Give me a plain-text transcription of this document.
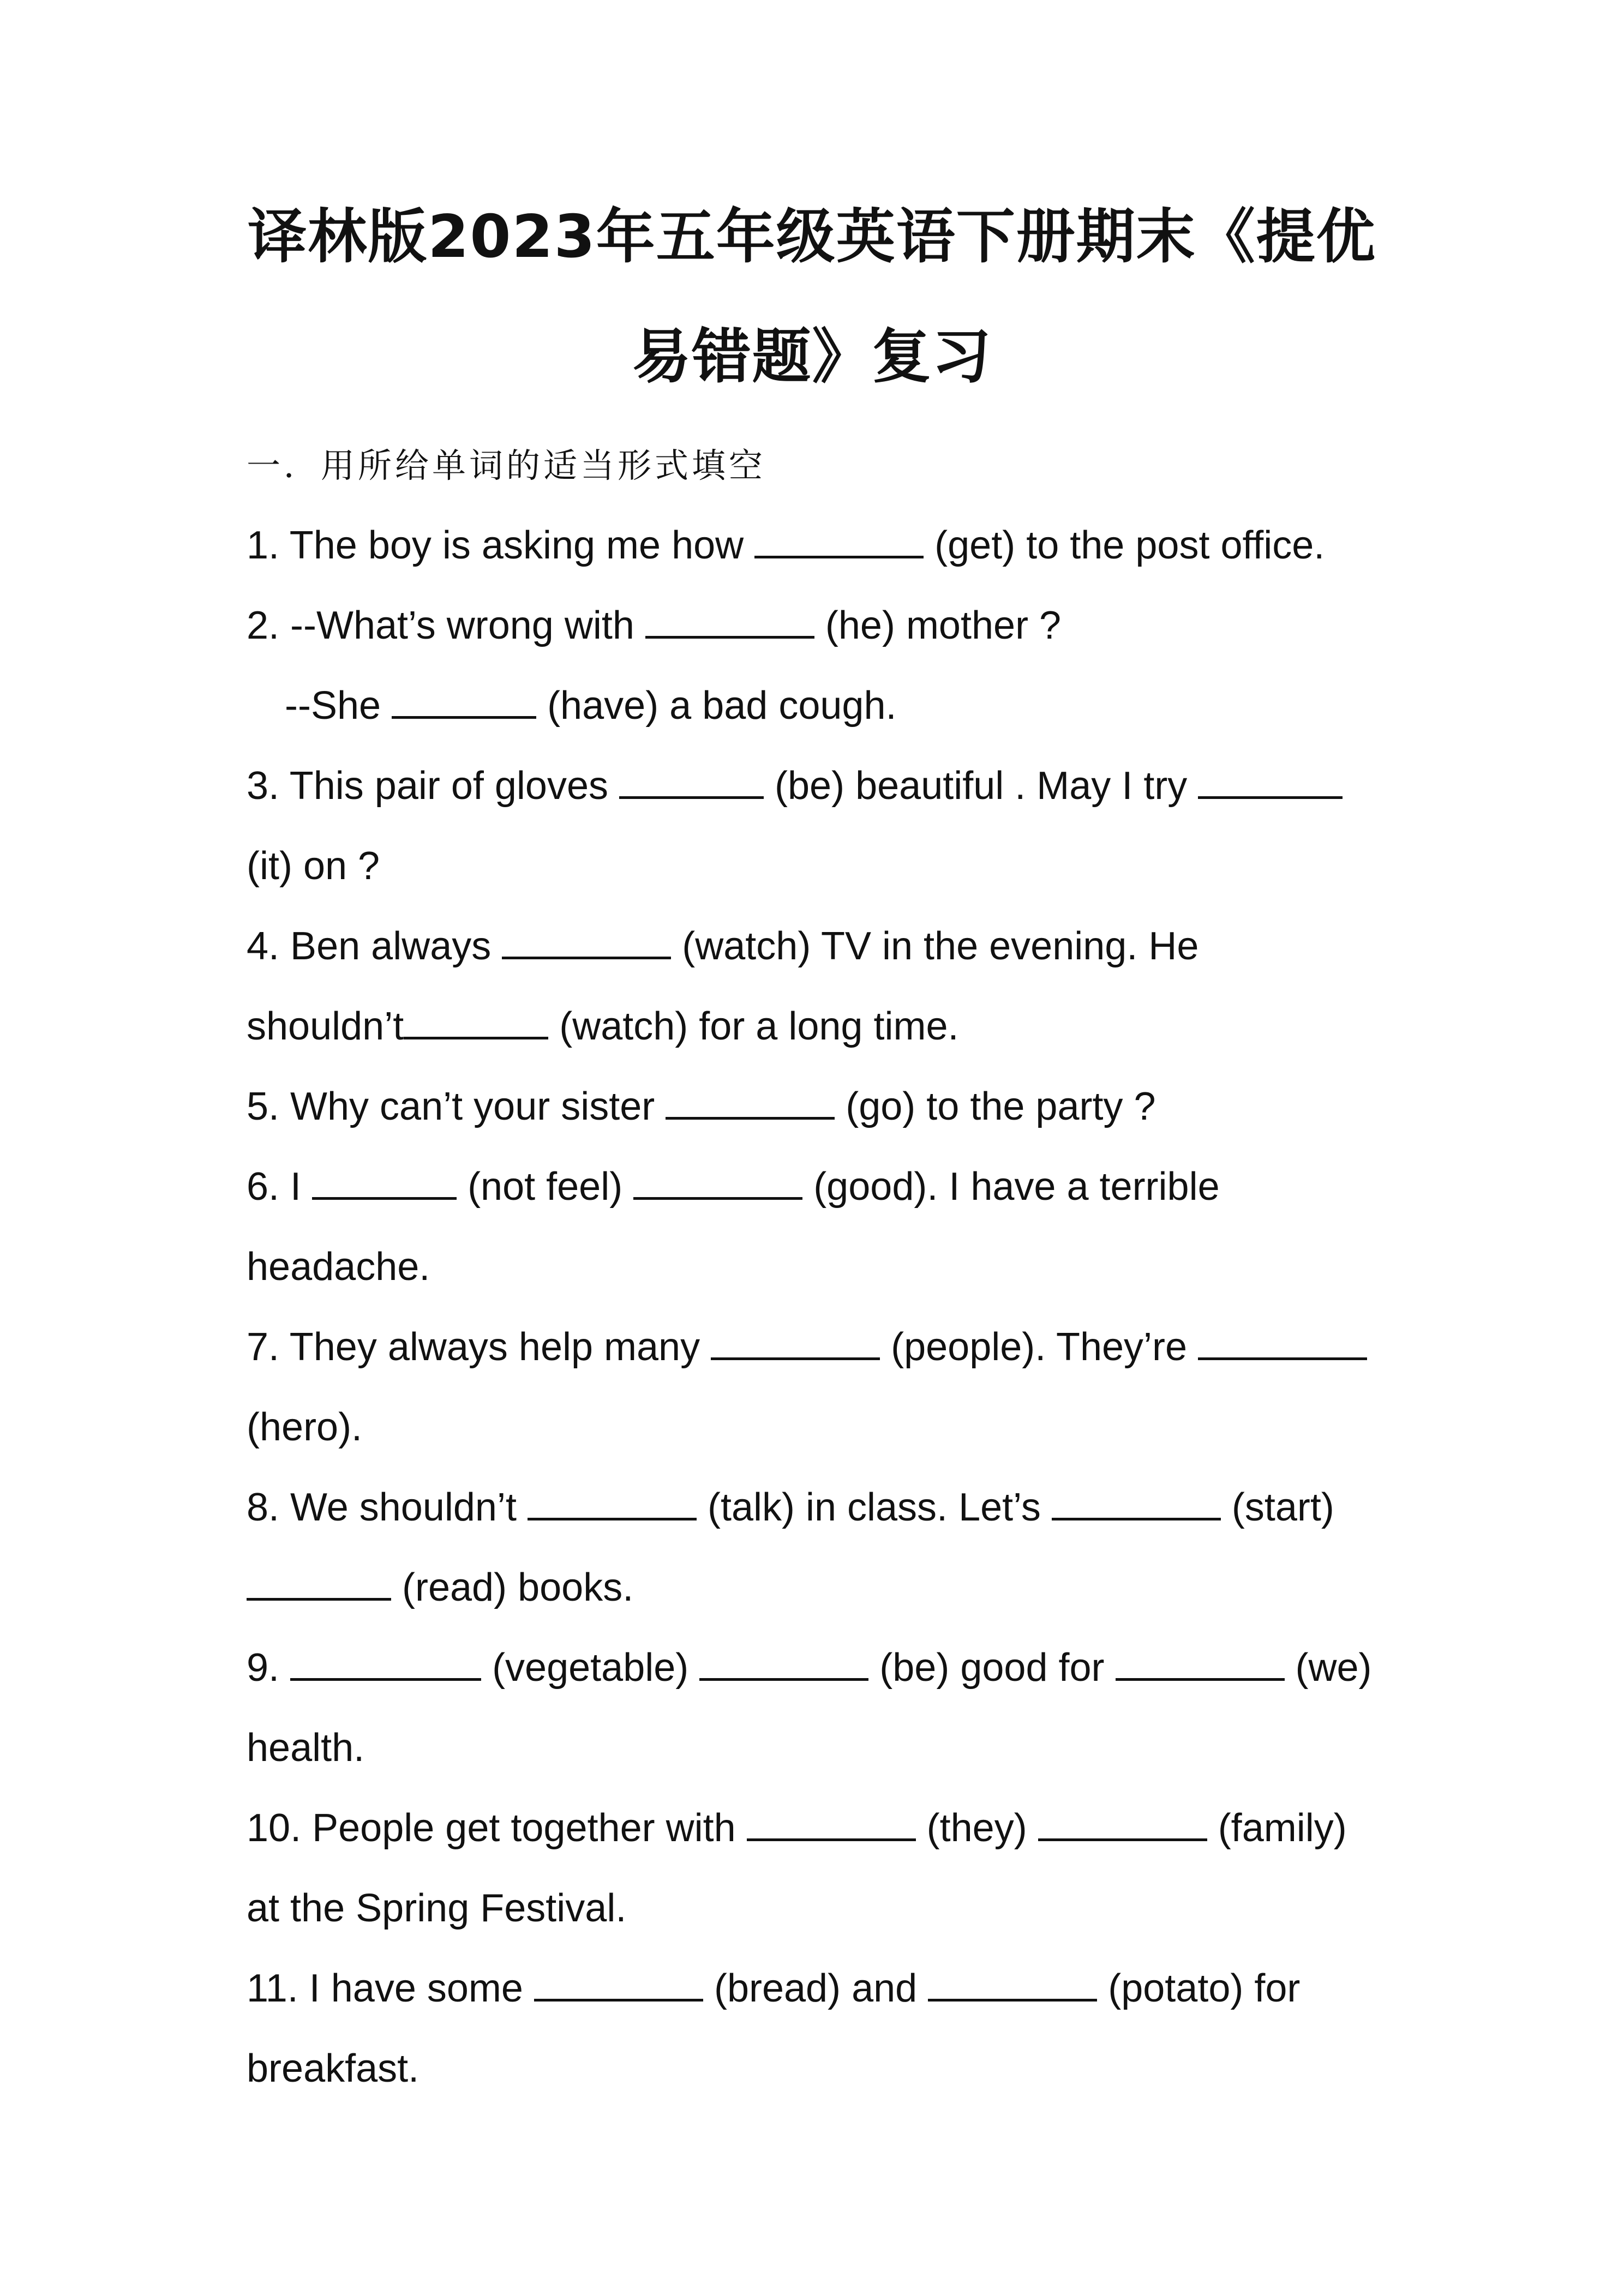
译林版2023年五年级英语下册期末《提优
易错题》复习
一．用所给单词的适当形式填空
1. The boy is asking me how	(get) to the post office.
2. --What’s wrong with	(he) mother ?
--She	(have) a bad cough.
3. This pair of gloves	(be) beautiful . May I try
(it) on ?
4. Ben always	(watch) TV in the evening. He
shouldn’t	(watch) for a long time.
5. Why can’t your sister	(go) to the party ?
6. I	(not feel)	(good). I have a terrible
headache.
7. They always help many	(people). They’re
(hero).
8. We shouldn’t	(talk) in class. Let’s	(start)
(read) books.
9.	(vegetable)	(be) good for	(we)
health.
10. People get together with	(they)	(family)
at the Spring Festival.
11. I have some	(bread) and	(potato) for
breakfast.
